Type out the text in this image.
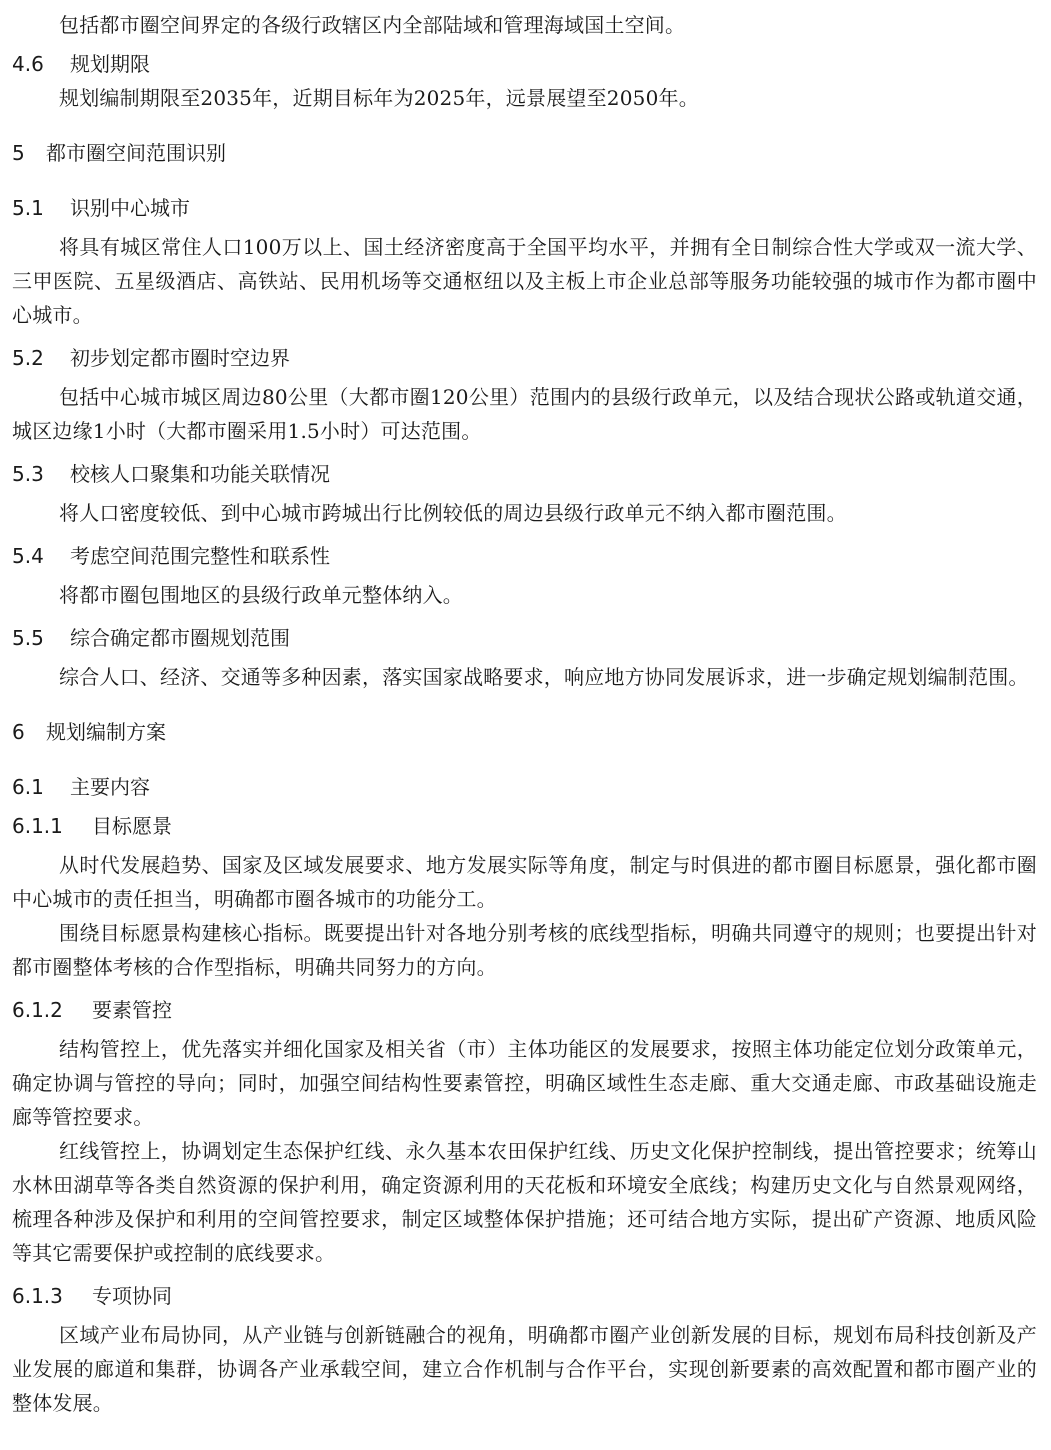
包括都市圈空间界定的各级行政辖区内全部陆域和管理海域国土空间。

4.6 规划期限

规划编制期限至2035年，近期目标年为2025年，远景展望至2050年。

5 都市圈空间范围识别
5.1 识别中心城市

将具有城区常住人口100万以上、国土经济密度高于全国平均水平，并拥有全日制综合性大学或双一流大学、三甲医院、五星级酒店、高铁站、民用机场等交通枢纽以及主板上市企业总部等服务功能较强的城市作为都市圈中心城市。

5.2 初步划定都市圈时空边界

包括中心城市城区周边80公里（大都市圈120公里）范围内的县级行政单元，以及结合现状公路或轨道交通，城区边缘1小时（大都市圈采用1.5小时）可达范围。

5.3 校核人口聚集和功能关联情况

将人口密度较低、到中心城市跨城出行比例较低的周边县级行政单元不纳入都市圈范围。

5.4 考虑空间范围完整性和联系性

将都市圈包围地区的县级行政单元整体纳入。

5.5 综合确定都市圈规划范围

综合人口、经济、交通等多种因素，落实国家战略要求，响应地方协同发展诉求，进一步确定规划编制范围。

6 规划编制方案
6.1 主要内容
6.1.1 目标愿景

从时代发展趋势、国家及区域发展要求、地方发展实际等角度，制定与时俱进的都市圈目标愿景，强化都市圈中心城市的责任担当，明确都市圈各城市的功能分工。

围绕目标愿景构建核心指标。既要提出针对各地分别考核的底线型指标，明确共同遵守的规则；也要提出针对都市圈整体考核的合作型指标，明确共同努力的方向。

6.1.2 要素管控

结构管控上，优先落实并细化国家及相关省（市）主体功能区的发展要求，按照主体功能定位划分政策单元，确定协调与管控的导向；同时，加强空间结构性要素管控，明确区域性生态走廊、重大交通走廊、市政基础设施走廊等管控要求。

红线管控上，协调划定生态保护红线、永久基本农田保护红线、历史文化保护控制线，提出管控要求；统筹山水林田湖草等各类自然资源的保护利用，确定资源利用的天花板和环境安全底线；构建历史文化与自然景观网络，梳理各种涉及保护和利用的空间管控要求，制定区域整体保护措施；还可结合地方实际，提出矿产资源、地质风险等其它需要保护或控制的底线要求。

6.1.3 专项协同

区域产业布局协同，从产业链与创新链融合的视角，明确都市圈产业创新发展的目标，规划布局科技创新及产业发展的廊道和集群，协调各产业承载空间，建立合作机制与合作平台，实现创新要素的高效配置和都市圈产业的整体发展。
